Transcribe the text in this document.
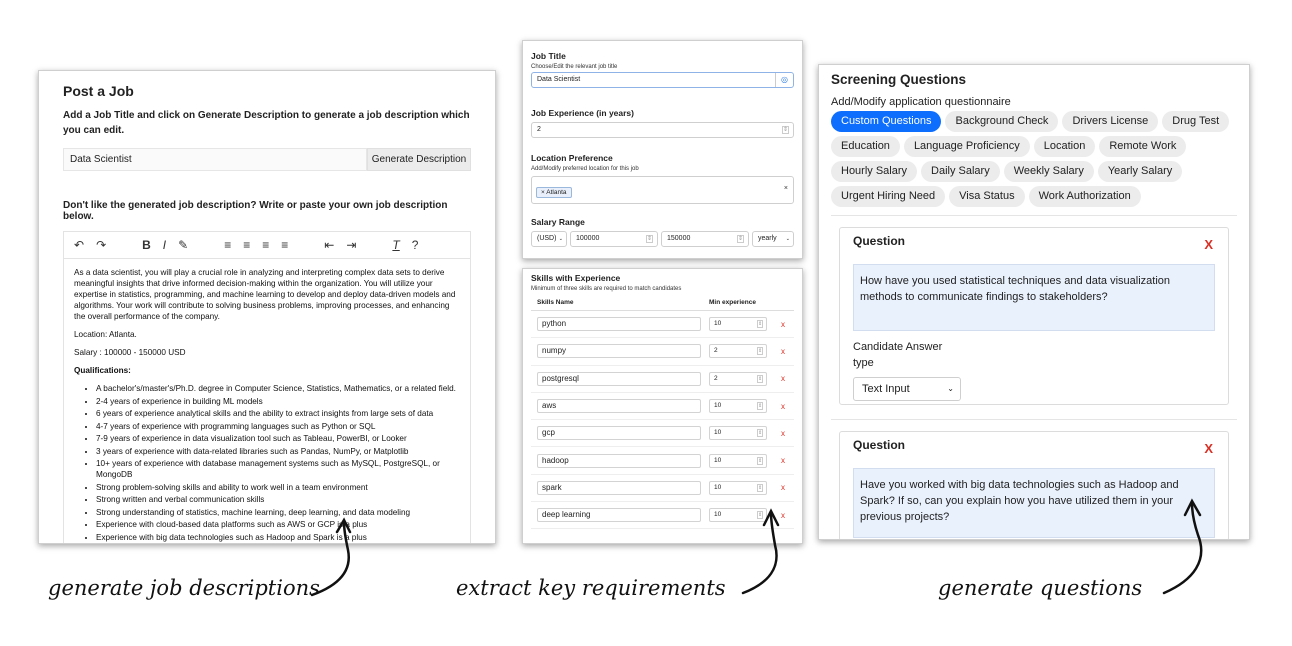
Post a Job
Add a Job Title and click on Generate Description to generate a job description which you can edit.
Data Scientist	Generate Description
Don't like the generated job description? Write or paste your own job description below.
↶ ↷	B I ✎	≡ ≡ ≡ ≡	⇤ ⇥	T ?

As a data scientist, you will play a crucial role in analyzing and interpreting complex data sets to derive meaningful insights that drive informed decision-making within the organization. You will utilize your expertise in statistics, programming, and machine learning to develop and deploy data-driven models and algorithms. Your work will contribute to solving business problems, improving processes, and enhancing the overall performance of the company.

Location: Atlanta.

Salary : 100000 - 150000 USD

Qualifications:
• A bachelor's/master's/Ph.D. degree in Computer Science, Statistics, Mathematics, or a related field.
• 2-4 years of experience in building ML models
• 6 years of experience analytical skills and the ability to extract insights from large sets of data
• 4-7 years of experience with programming languages such as Python or SQL
• 7-9 years of experience in data visualization tool such as Tableau, PowerBI, or Looker
• 3 years of experience with data-related libraries such as Pandas, NumPy, or Matplotlib
• 10+ years of experience with database management systems such as MySQL, PostgreSQL, or MongoDB
• Strong problem-solving skills and ability to work well in a team environment
• Strong written and verbal communication skills
• Strong understanding of statistics, machine learning, deep learning, and data modeling
• Experience with cloud-based data platforms such as AWS or GCP is a plus
• Experience with big data technologies such as Hadoop and Spark is a plus
Job Title
Choose/Edit the relevant job title
Data Scientist	◎
Job Experience (in years)
2	⇕
Location Preference
Add/Modify preferred location for this job
× Atlanta
×
Salary Range
(USD) ⌄	100000	⇕	150000	⇕	yearly ⌄
Skills with Experience
Minimum of three skills are required to match candidates
Skills Name	Min experience
python	10	⇕ x
numpy	2	⇕ x
postgresql	2	⇕ x
aws	10	⇕ x
gcp	10	⇕ x
hadoop	10	⇕ x
spark	10	⇕ x
deep learning	10	⇕ x
Screening Questions
Add/Modify application questionnaire
Custom Questions	Background Check	Drivers License	Drug Test
Education	Language Proficiency	Location	Remote Work
Hourly Salary	Daily Salary	Weekly Salary	Yearly Salary
Urgent Hiring Need	Visa Status	Work Authorization
Question	X
How have you used statistical techniques and data visualization methods to communicate findings to stakeholders?
Candidate Answer type
Text Input	⌄
Question	X
Have you worked with big data technologies such as Hadoop and Spark? If so, can you explain how you have utilized them in your previous projects?
generate job descriptions	extract key requirements	generate questions
